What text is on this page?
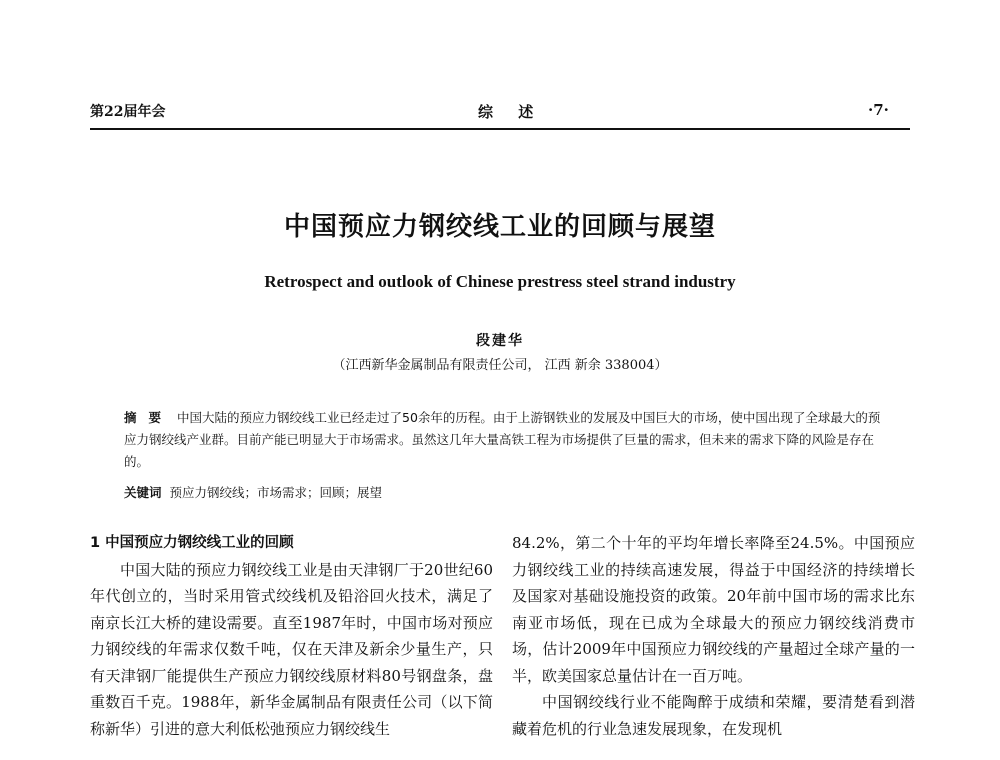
第22届年会	综 述	·7·
中国预应力钢绞线工业的回顾与展望
Retrospect and outlook of Chinese prestress steel strand industry
段建华
（江西新华金属制品有限责任公司， 江西 新余 338004）
摘要 中国大陆的预应力钢绞线工业已经走过了50余年的历程。由于上游钢铁业的发展及中国巨大的市场，使中国出现了全球最大的预应力钢绞线产业群。目前产能已明显大于市场需求。虽然这几年大量高铁工程为市场提供了巨量的需求，但未来的需求下降的风险是存在的。
关键词 预应力钢绞线；市场需求；回顾；展望
1 中国预应力钢绞线工业的回顾

中国大陆的预应力钢绞线工业是由天津钢厂于20世纪60年代创立的，当时采用管式绞线机及铅浴回火技术，满足了南京长江大桥的建设需要。直至1987年时，中国市场对预应力钢绞线的年需求仅数千吨，仅在天津及新余少量生产，只有天津钢厂能提供生产预应力钢绞线原材料80号钢盘条，盘重数百千克。1988年，新华金属制品有限责任公司（以下简称新华）引进的意大利低松弛预应力钢绞线生

84.2%，第二个十年的平均年增长率降至24.5%。中国预应力钢绞线工业的持续高速发展，得益于中国经济的持续增长及国家对基础设施投资的政策。20年前中国市场的需求比东南亚市场低，现在已成为全球最大的预应力钢绞线消费市场，估计2009年中国预应力钢绞线的产量超过全球产量的一半，欧美国家总量估计在一百万吨。

中国钢绞线行业不能陶醉于成绩和荣耀，要清楚看到潜藏着危机的行业急速发展现象，在发现机
